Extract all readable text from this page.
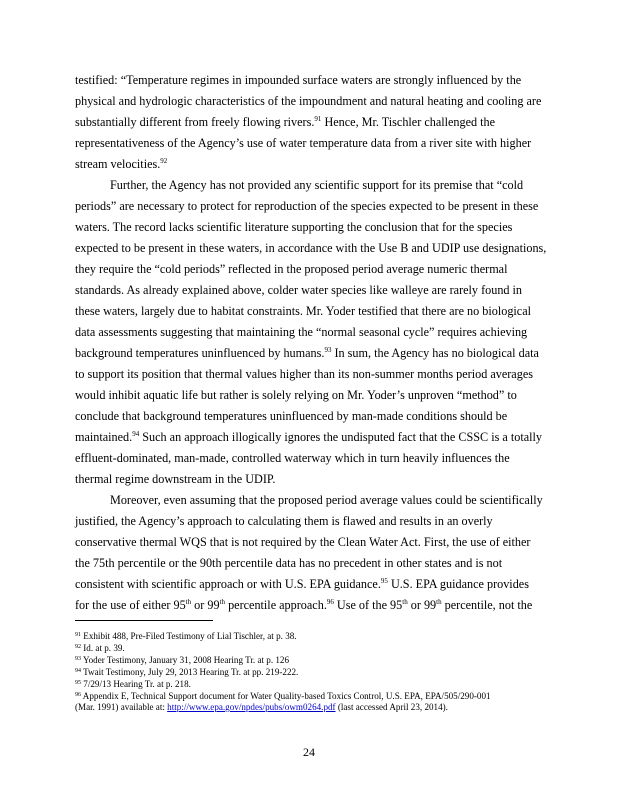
testified: “Temperature regimes in impounded surface waters are strongly influenced by the
physical and hydrologic characteristics of the impoundment and natural heating and cooling are
substantially different from freely flowing rivers.$^{91}$ Hence, Mr. Tischler challenged the
representativeness of the Agency’s use of water temperature data from a river site with higher
stream velocities.$^{92}$
Further, the Agency has not provided any scientific support for its premise that “cold
periods” are necessary to protect for reproduction of the species expected to be present in these
waters. The record lacks scientific literature supporting the conclusion that for the species
expected to be present in these waters, in accordance with the Use B and UDIP use designations,
they require the “cold periods” reflected in the proposed period average numeric thermal
standards. As already explained above, colder water species like walleye are rarely found in
these waters, largely due to habitat constraints. Mr. Yoder testified that there are no biological
data assessments suggesting that maintaining the “normal seasonal cycle” requires achieving
background temperatures uninfluenced by humans.$^{93}$ In sum, the Agency has no biological data
to support its position that thermal values higher than its non-summer months period averages
would inhibit aquatic life but rather is solely relying on Mr. Yoder’s unproven “method” to
conclude that background temperatures uninfluenced by man-made conditions should be
maintained.$^{94}$ Such an approach illogically ignores the undisputed fact that the CSSC is a totally
effluent-dominated, man-made, controlled waterway which in turn heavily influences the
thermal regime downstream in the UDIP.
Moreover, even assuming that the proposed period average values could be scientifically
justified, the Agency’s approach to calculating them is flawed and results in an overly
conservative thermal WQS that is not required by the Clean Water Act. First, the use of either
the 75th percentile or the 90th percentile data has no precedent in other states and is not
consistent with scientific approach or with U.S. EPA guidance.$^{95}$ U.S. EPA guidance provides
for the use of either 95th or 99th percentile approach.$^{96}$ Use of the 95th or 99th percentile, not the
$^{91}$ Exhibit 488, Pre-Filed Testimony of Lial Tischler, at p. 38.
$^{92}$ Id. at p. 39.
$^{93}$ Yoder Testimony, January 31, 2008 Hearing Tr. at p. 126
$^{94}$ Twait Testimony, July 29, 2013 Hearing Tr. at pp. 219-222.
$^{95}$ 7/29/13 Hearing Tr. at p. 218.
$^{96}$ Appendix E, Technical Support document for Water Quality-based Toxics Control, U.S. EPA, EPA/505/290-001
(Mar. 1991) available at: http://www.epa.gov/npdes/pubs/owm0264.pdf (last accessed April 23, 2014).
24
